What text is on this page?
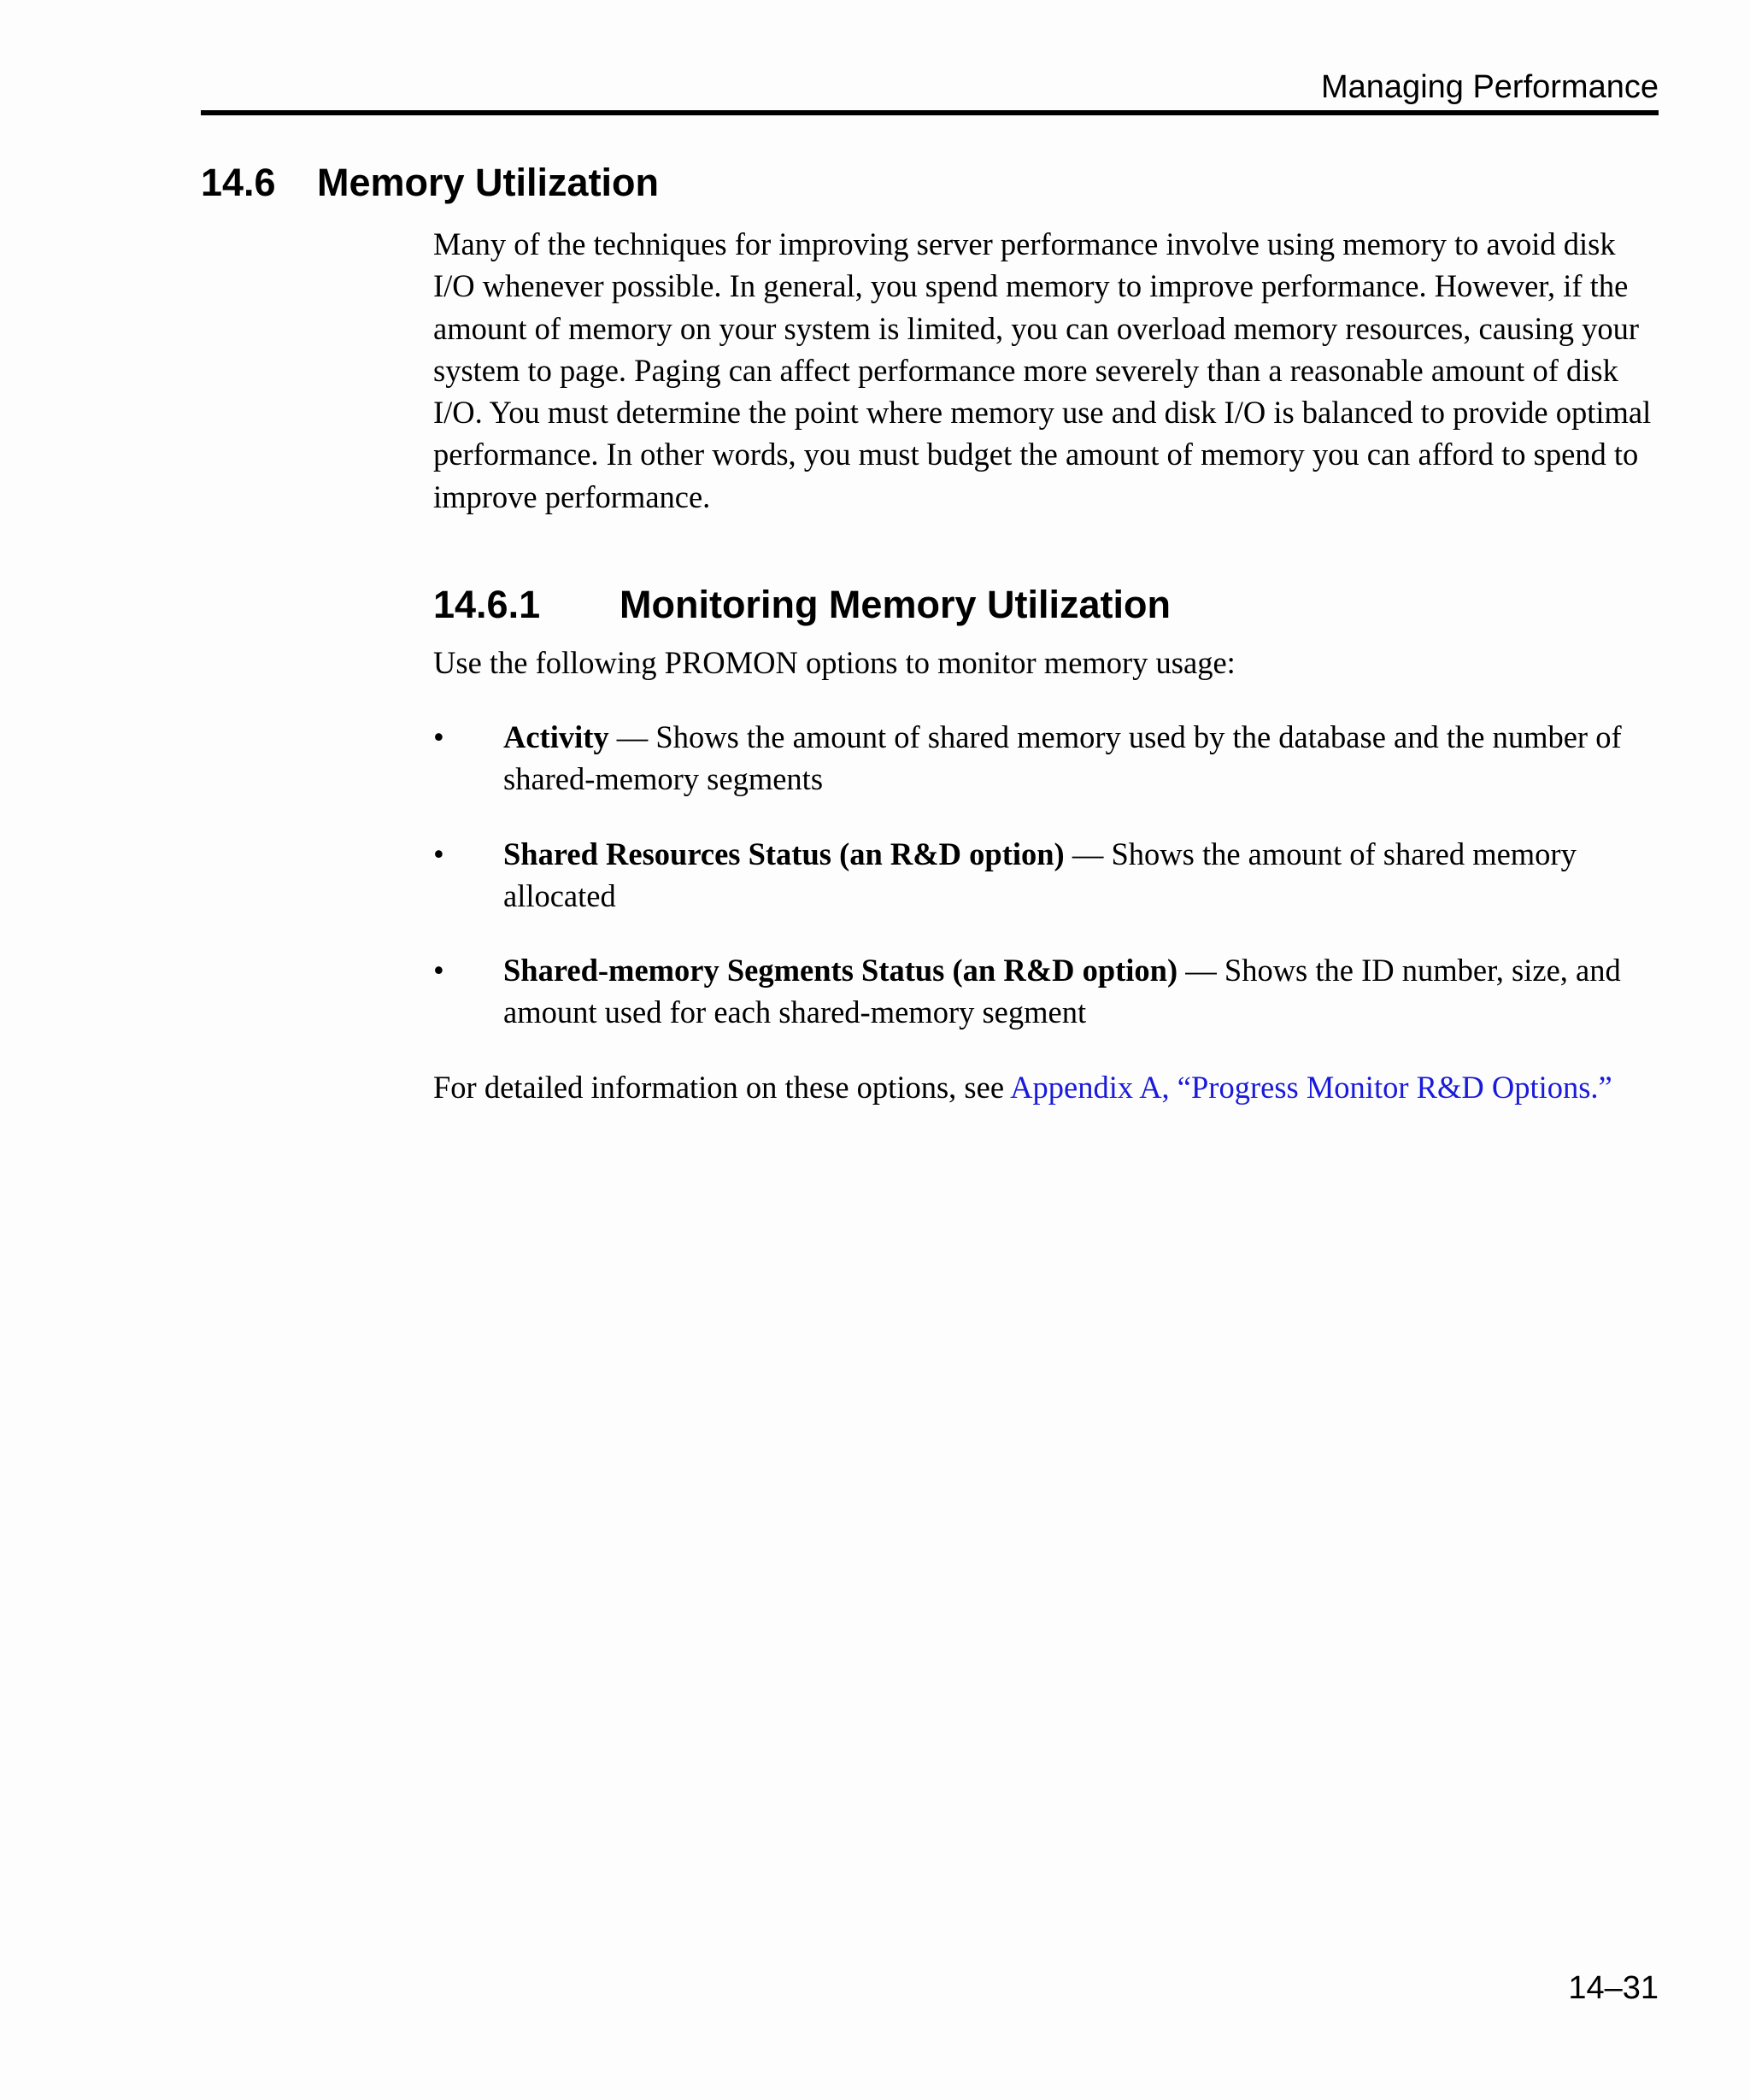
Managing Performance
14.6 Memory Utilization

Many of the techniques for improving server performance involve using memory to avoid disk I/O whenever possible. In general, you spend memory to improve performance. However, if the amount of memory on your system is limited, you can overload memory resources, causing your system to page. Paging can affect performance more severely than a reasonable amount of disk I/O. You must determine the point where memory use and disk I/O is balanced to provide optimal performance. In other words, you must budget the amount of memory you can afford to spend to improve performance.

14.6.1 Monitoring Memory Utilization

Use the following PROMON options to monitor memory usage:

• Activity — Shows the amount of shared memory used by the database and the number of shared-memory segments
• Shared Resources Status (an R&D option) — Shows the amount of shared memory allocated
• Shared-memory Segments Status (an R&D option) — Shows the ID number, size, and amount used for each shared-memory segment

For detailed information on these options, see Appendix A, “Progress Monitor R&D Options.”

14–31
